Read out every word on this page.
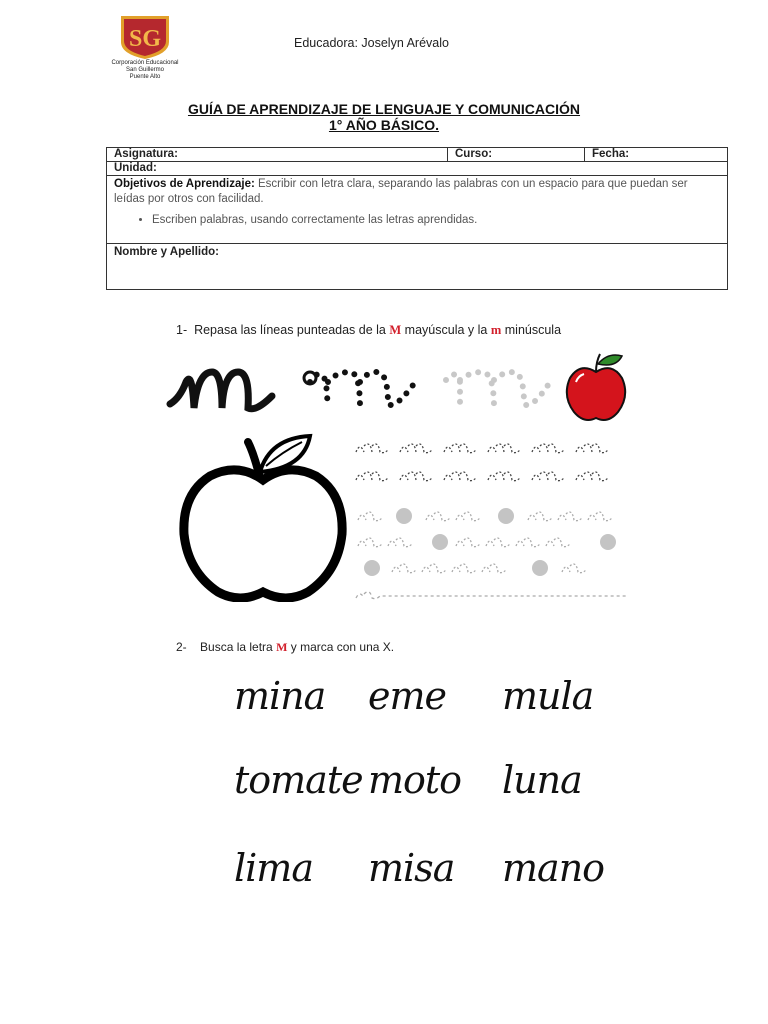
SG
Corporación Educacional
San Guillermo
Puente Alto
Educadora: Joselyn Arévalo
GUÍA DE APRENDIZAJE DE LENGUAJE Y COMUNICACIÓN
1° AÑO BÁSICO.
Asignatura:	Curso:	Fecha:
Unidad:
Objetivos de Aprendizaje: Escribir con letra clara, separando las palabras con un espacio para que puedan ser leídas por otros con facilidad.
• Escriben palabras, usando correctamente las letras aprendidas.

Nombre y Apellido:
1- Repasa las líneas punteadas de la M mayúscula y la m minúscula
2- Busca la letra M y marca con una X.
mina eme mula
tomate moto luna
lima misa mano
